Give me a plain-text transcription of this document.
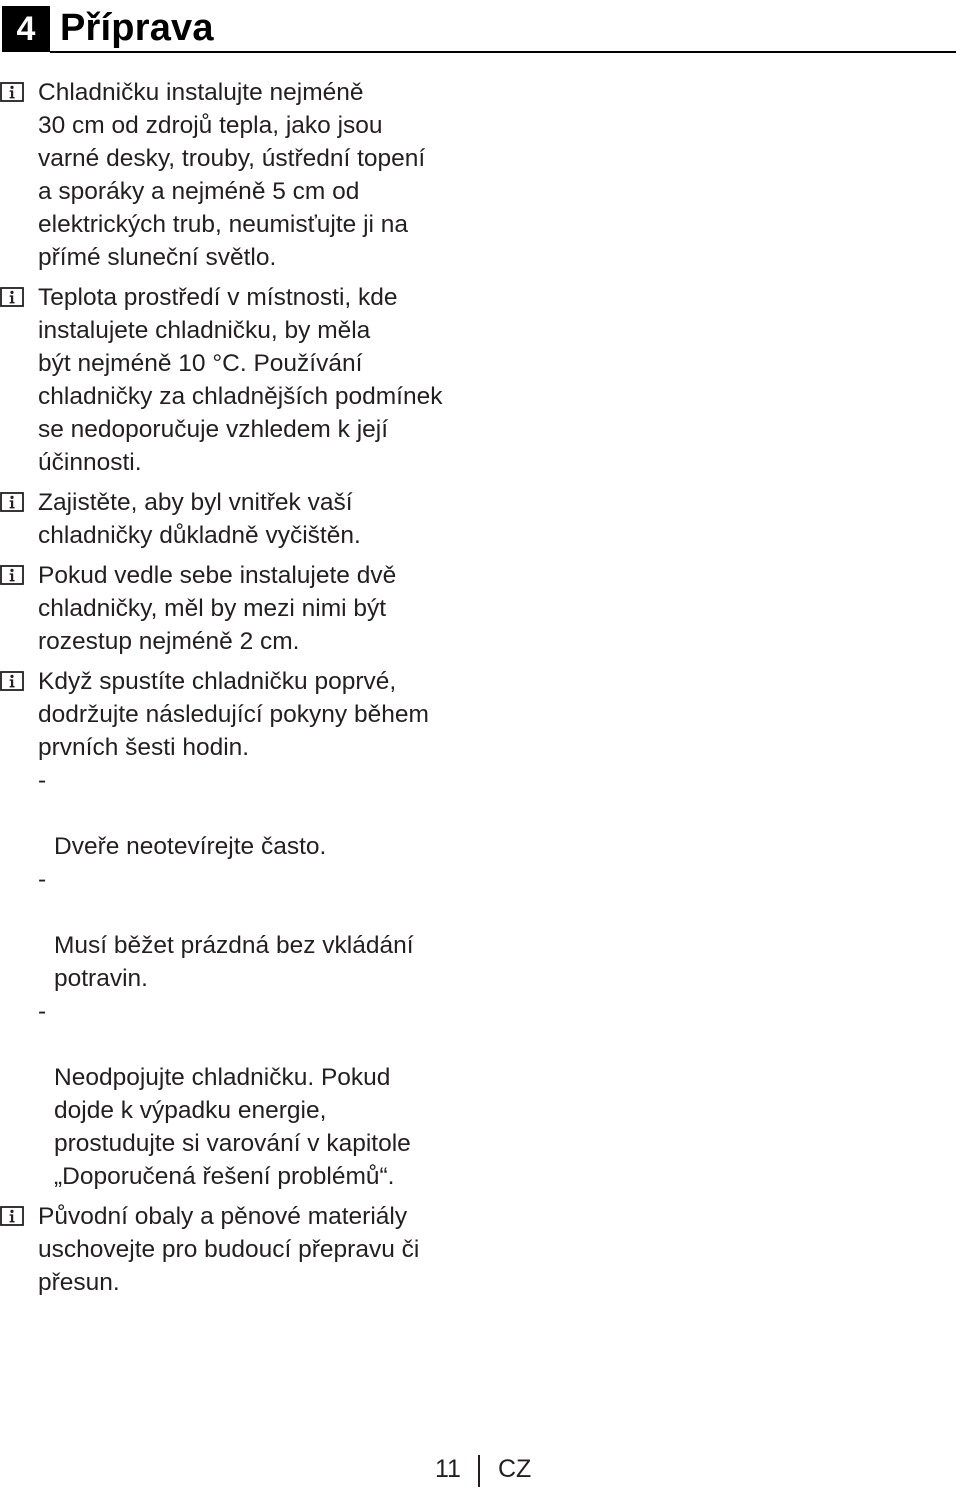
4 Příprava

Chladničku instalujte nejméně
30 cm od zdrojů tepla, jako jsou
varné desky, trouby, ústřední topení
a sporáky a nejméně 5 cm od
elektrických trub, neumisťujte ji na
přímé sluneční světlo.

Teplota prostředí v místnosti, kde
instalujete chladničku, by měla
být nejméně 10 °C. Používání
chladničky za chladnějších podmínek
se nedoporučuje vzhledem k její
účinnosti.

Zajistěte, aby byl vnitřek vaší
chladničky důkladně vyčištěn.

Pokud vedle sebe instalujete dvě
chladničky, měl by mezi nimi být
rozestup nejméně 2 cm.

Když spustíte chladničku poprvé,
dodržujte následující pokyny během
prvních šesti hodin.

-

Dveře neotevírejte často.

-

Musí běžet prázdná bez vkládání
potravin.

-

Neodpojujte chladničku. Pokud
dojde k výpadku energie,
prostudujte si varování v kapitole
„Doporučená řešení problémů“.

Původní obaly a pěnové materiály
uschovejte pro budoucí přepravu či
přesun.

11 CZ
